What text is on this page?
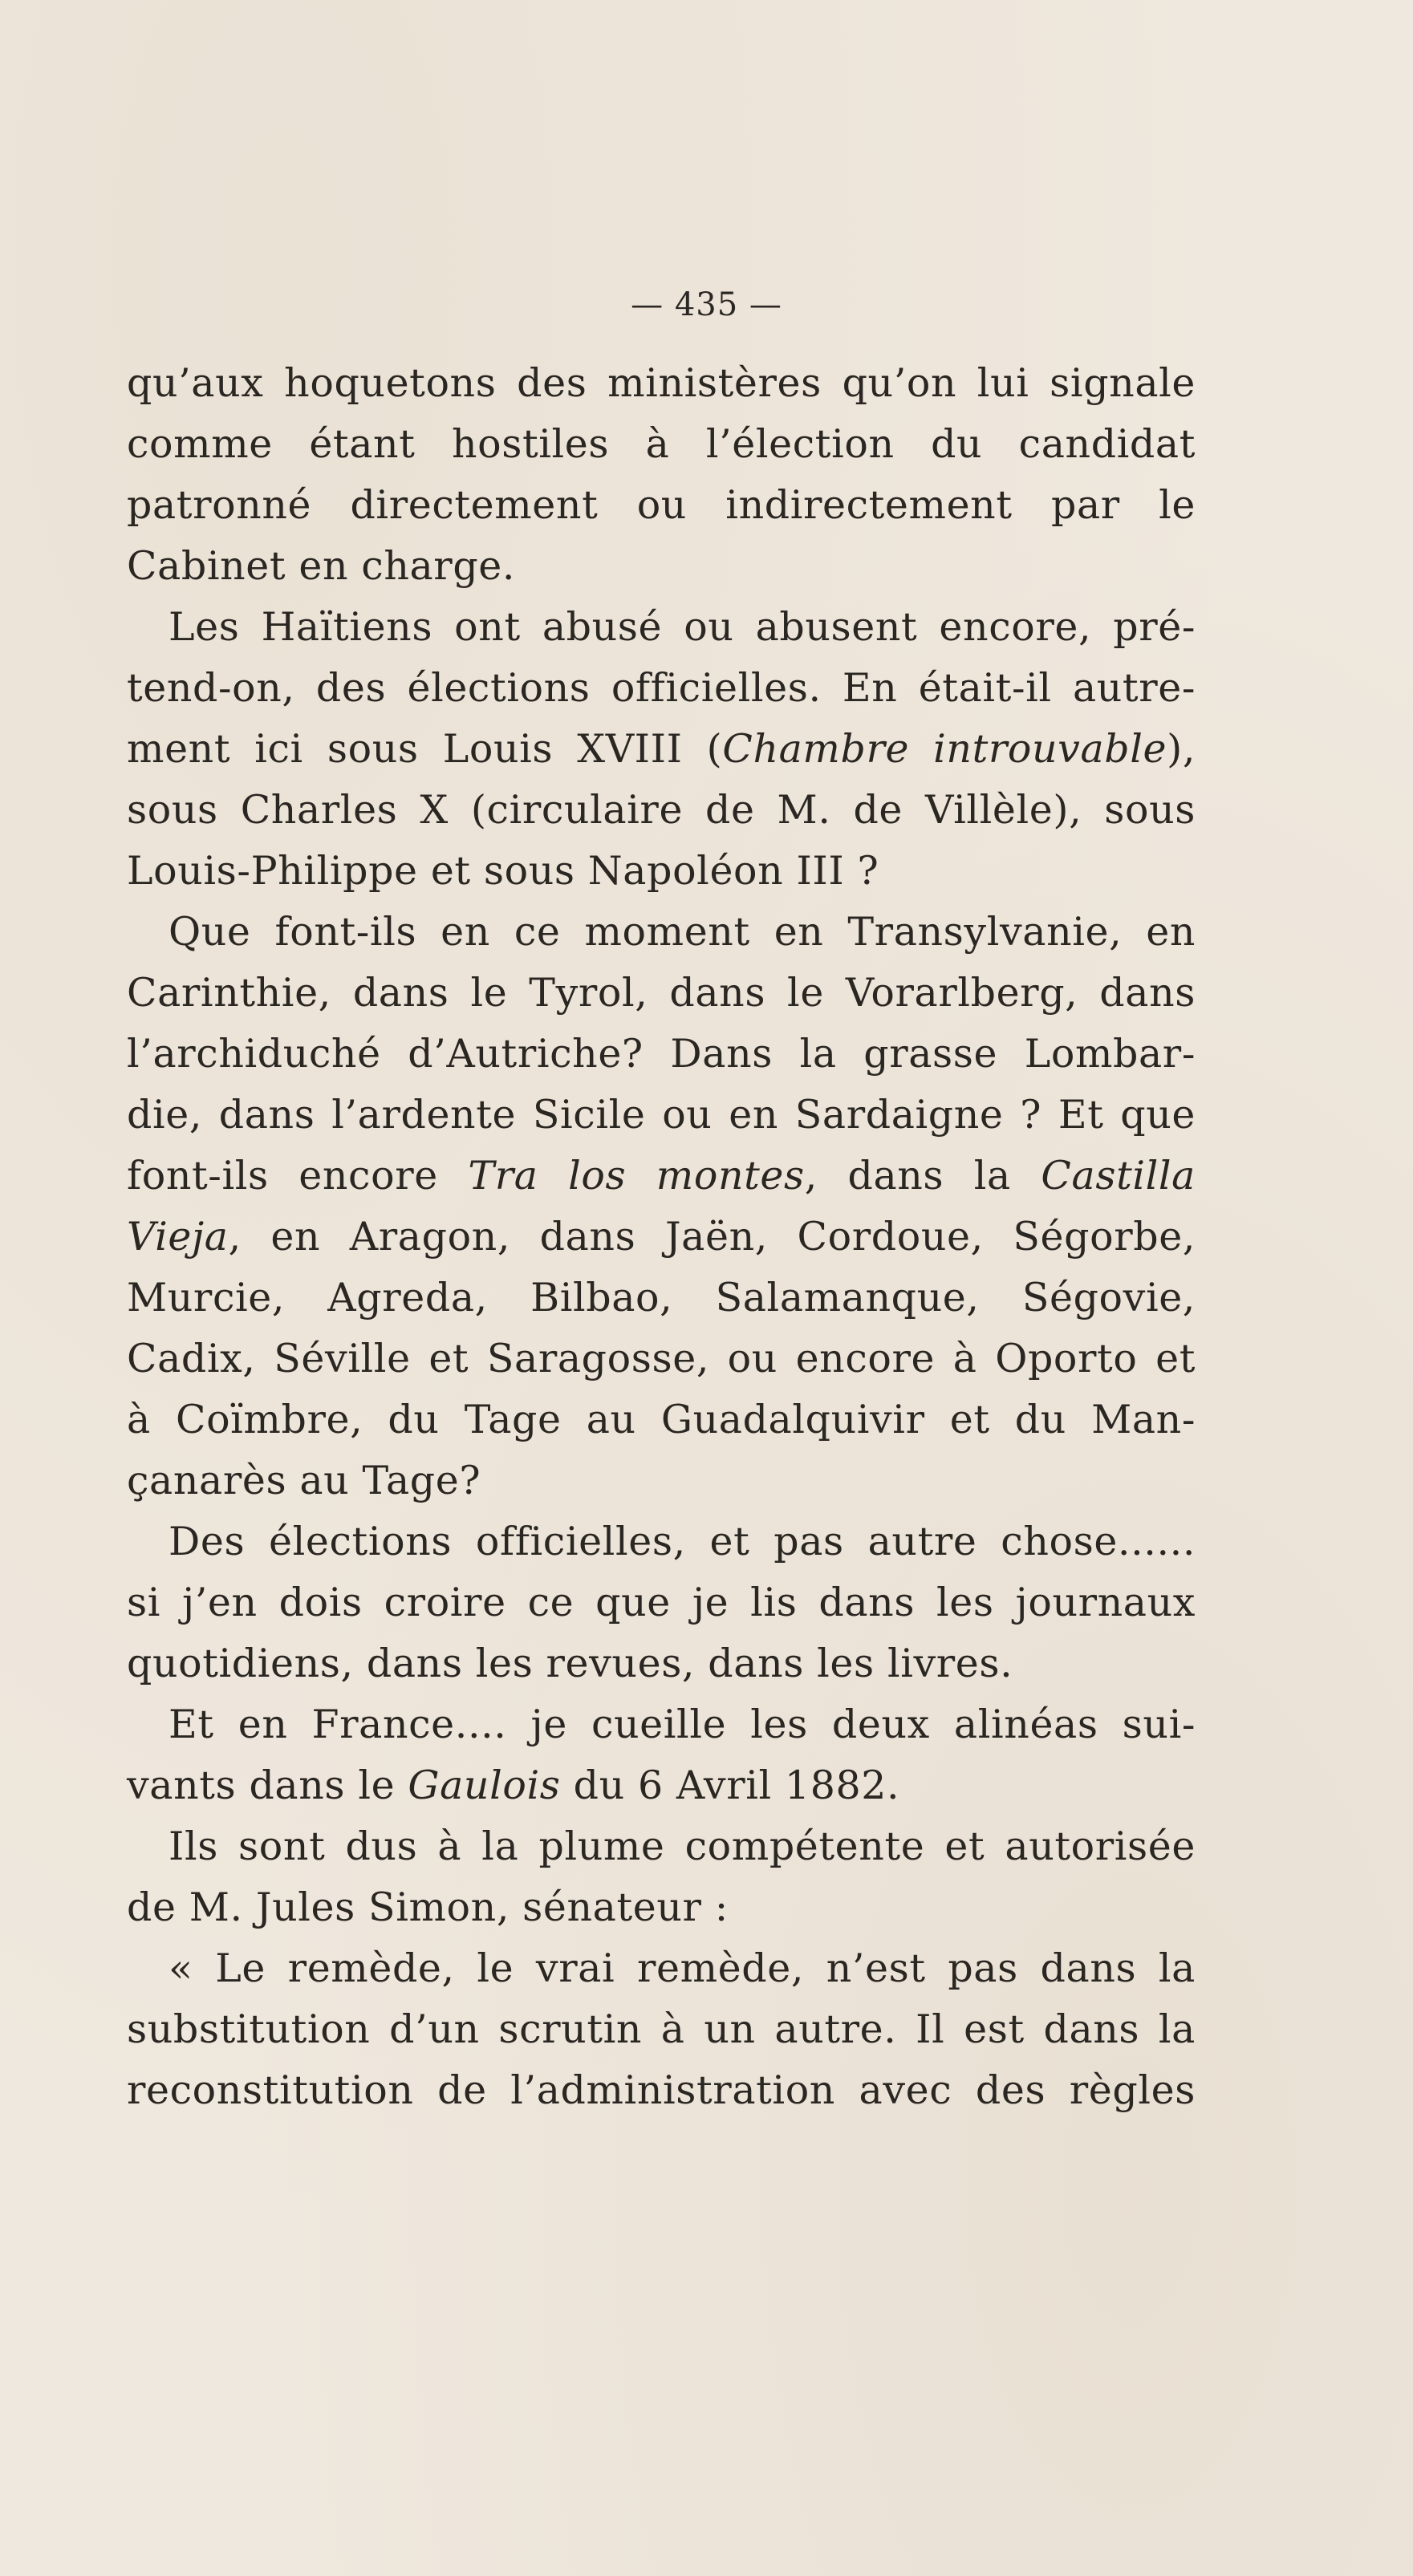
— 435 —
qu’aux hoquetons des ministères qu’on lui signale
comme étant hostiles à l’élection du candidat
patronné directement ou indirectement par le
Cabinet en charge.
Les Haïtiens ont abusé ou abusent encore, pré-
tend-on, des élections officielles. En était-il autre-
ment ici sous Louis XVIII (Chambre introuvable),
sous Charles X (circulaire de M. de Villèle), sous
Louis-Philippe et sous Napoléon III ?
Que font-ils en ce moment en Transylvanie, en
Carinthie, dans le Tyrol, dans le Vorarlberg, dans
l’archiduché d’Autriche? Dans la grasse Lombar-
die, dans l’ardente Sicile ou en Sardaigne ? Et que
font-ils encore Tra los montes, dans la Castilla
Vieja, en Aragon, dans Jaën, Cordoue, Ségorbe,
Murcie, Agreda, Bilbao, Salamanque, Ségovie,
Cadix, Séville et Saragosse, ou encore à Oporto et
à Coïmbre, du Tage au Guadalquivir et du Man-
çanarès au Tage?
Des élections officielles, et pas autre chose......
si j’en dois croire ce que je lis dans les journaux
quotidiens, dans les revues, dans les livres.
Et en France.... je cueille les deux alinéas sui-
vants dans le Gaulois du 6 Avril 1882.
Ils sont dus à la plume compétente et autorisée
de M. Jules Simon, sénateur :
« Le remède, le vrai remède, n’est pas dans la
substitution d’un scrutin à un autre. Il est dans la
reconstitution de l’administration avec des règles
